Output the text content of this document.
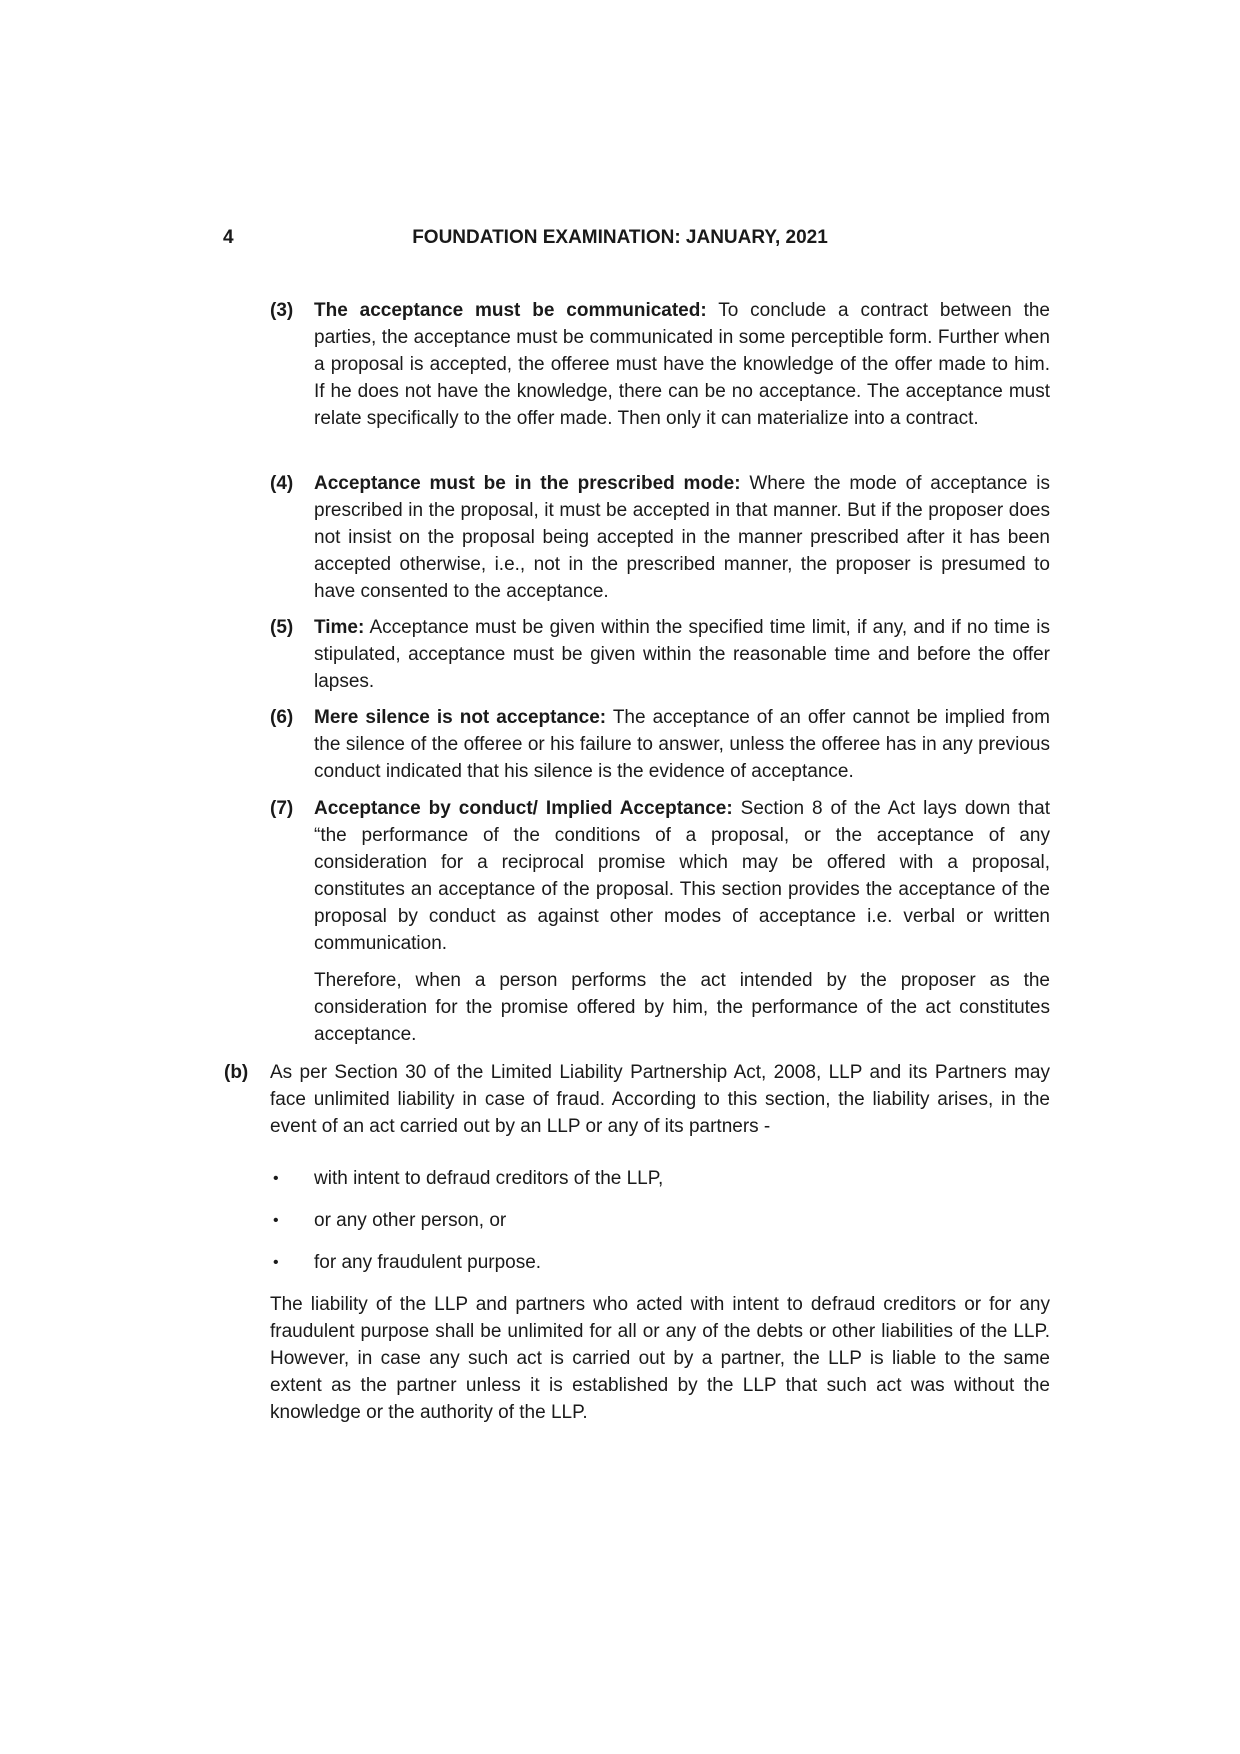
4	FOUNDATION EXAMINATION: JANUARY, 2021
(3) The acceptance must be communicated: To conclude a contract between the parties, the acceptance must be communicated in some perceptible form. Further when a proposal is accepted, the offeree must have the knowledge of the offer made to him. If he does not have the knowledge, there can be no acceptance. The acceptance must relate specifically to the offer made. Then only it can materialize into a contract.
(4) Acceptance must be in the prescribed mode: Where the mode of acceptance is prescribed in the proposal, it must be accepted in that manner. But if the proposer does not insist on the proposal being accepted in the manner prescribed after it has been accepted otherwise, i.e., not in the prescribed manner, the proposer is presumed to have consented to the acceptance.
(5) Time: Acceptance must be given within the specified time limit, if any, and if no time is stipulated, acceptance must be given within the reasonable time and before the offer lapses.
(6) Mere silence is not acceptance: The acceptance of an offer cannot be implied from the silence of the offeree or his failure to answer, unless the offeree has in any previous conduct indicated that his silence is the evidence of acceptance.
(7) Acceptance by conduct/ Implied Acceptance: Section 8 of the Act lays down that “the performance of the conditions of a proposal, or the acceptance of any consideration for a reciprocal promise which may be offered with a proposal, constitutes an acceptance of the proposal. This section provides the acceptance of the proposal by conduct as against other modes of acceptance i.e. verbal or written communication.
Therefore, when a person performs the act intended by the proposer as the consideration for the promise offered by him, the performance of the act constitutes acceptance.
(b) As per Section 30 of the Limited Liability Partnership Act, 2008, LLP and its Partners may face unlimited liability in case of fraud. According to this section, the liability arises, in the event of an act carried out by an LLP or any of its partners -
• with intent to defraud creditors of the LLP,
• or any other person, or
• for any fraudulent purpose.
The liability of the LLP and partners who acted with intent to defraud creditors or for any fraudulent purpose shall be unlimited for all or any of the debts or other liabilities of the LLP. However, in case any such act is carried out by a partner, the LLP is liable to the same extent as the partner unless it is established by the LLP that such act was without the knowledge or the authority of the LLP.
